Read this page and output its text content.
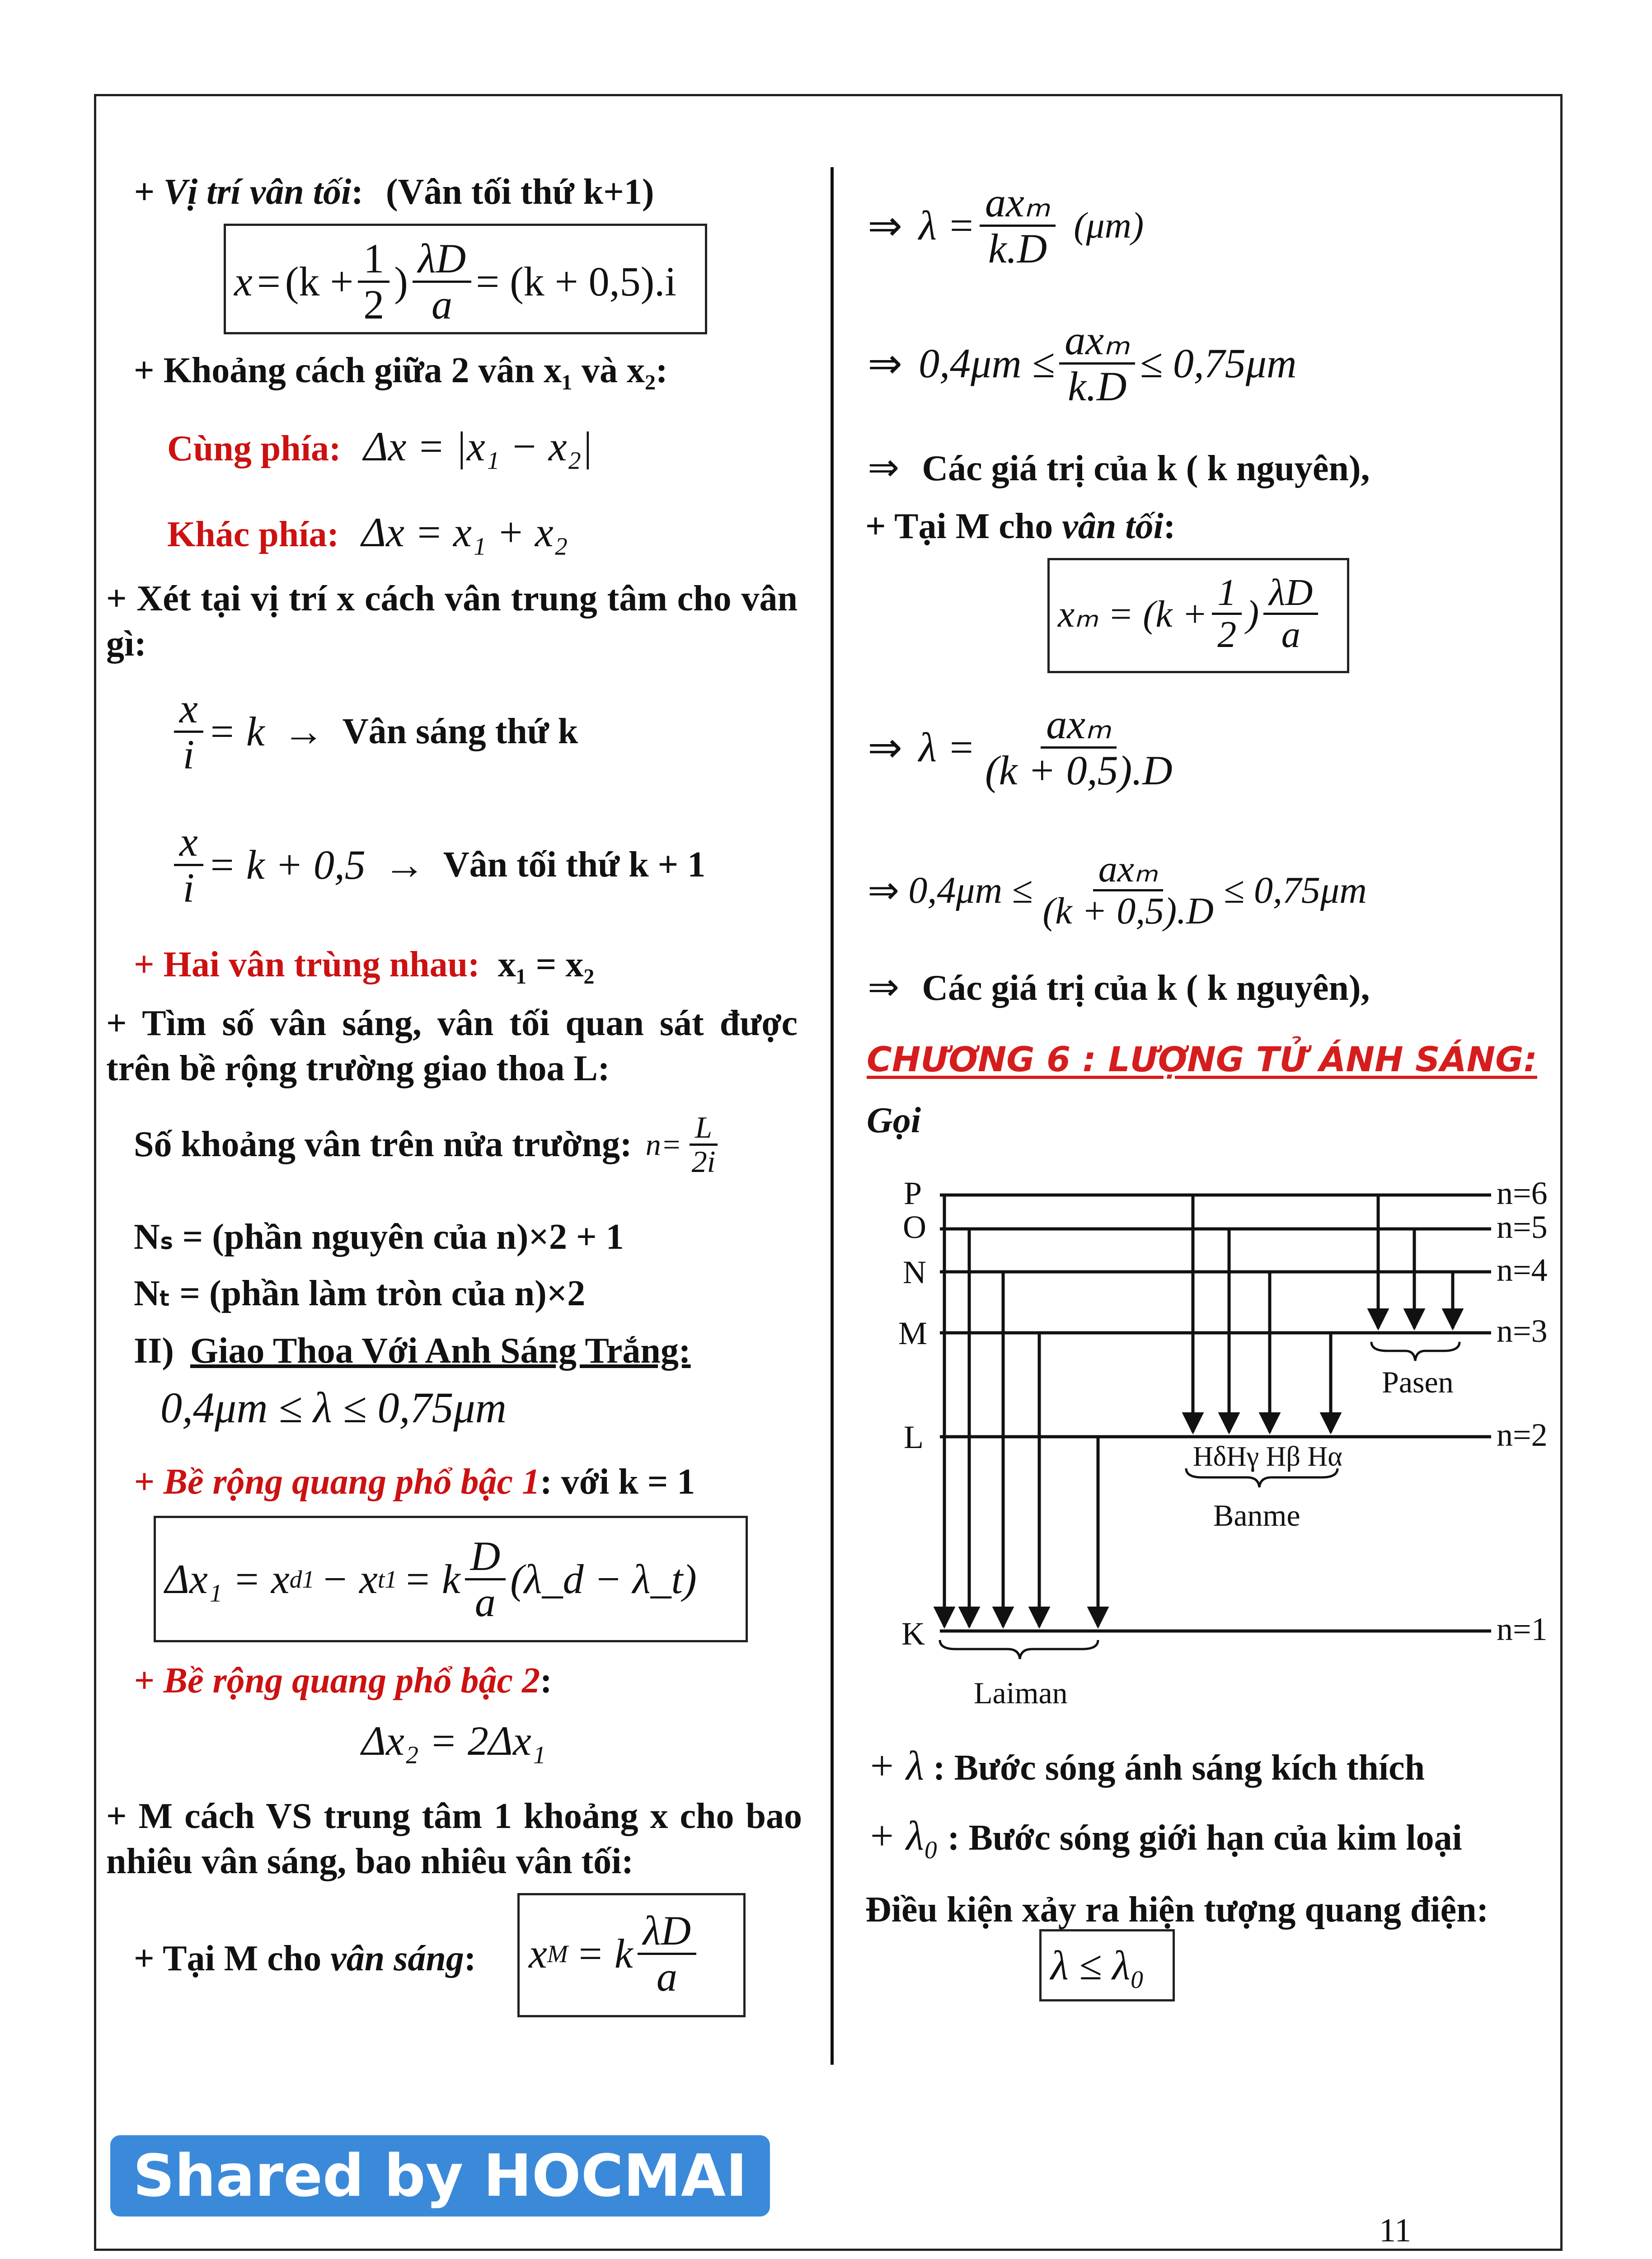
+ Vị trí vân tối: (Vân tối thứ k+1)
$x = (k + \frac{1}{2}$ ) $\frac{\lambda D}{a} = (k + 0,5).i$
+ Khoảng cách giữa 2 vân x₁ và x₂:
Cùng phía: Δx = |x₁ − x₂|
Khác phía: Δx = x₁ + x₂
+ Xét tại vị trí x cách vân trung tâm cho vân gì:
$\frac{x}{i} = k$ → Vân sáng thứ k
$\frac{x}{i} = k + 0,5$ → Vân tối thứ k + 1
+ Hai vân trùng nhau: x₁ = x₂
+ Tìm số vân sáng, vân tối quan sát được trên bề rộng trường giao thoa L:
Số khoảng vân trên nửa trường: $n= \frac{L}{2i}$
Nₛ = (phần nguyên của n)×2 + 1
Nₜ = (phần làm tròn của n)×2
II) Giao Thoa Với Anh Sáng Trắng:
0,4μm ≤ λ ≤ 0,75μm
+ Bề rộng quang phổ bậc 1: với k = 1
Δx₁ = x d1 − x t1 = k $\frac{D}{a}$ (λ_d − λ_t)
+ Bề rộng quang phổ bậc 2:
Δx₂ = 2Δx₁
+ M cách VS trung tâm 1 khoảng x cho bao nhiêu vân sáng, bao nhiêu vân tối:
+ Tại M cho vân sáng: x M = k $\frac{\lambda D}{a}$
⇒ $\lambda = \frac{\text{axₘ}}{k.D} (\mu m)$
⇒ $0,4\mu m \le \frac{\text{axₘ}}{k.D} \le 0,75\mu m$
⇒ Các giá trị của k ( k nguyên),
+ Tại M cho vân tối:
$x_m = (k + \frac{1}{2}$ ) $\frac{\lambda D}{a}$
⇒ $\lambda = \frac{\text{axₘ}}{(k + 0,5).D}$
⇒ $0,4\mu m \le \frac{\text{axₘ}}{(k + 0,5).D} \le 0,75\mu m$
⇒ Các giá trị của k ( k nguyên),
CHƯƠNG 6 : LƯỢNG TỬ ÁNH SÁNG:
Gọi
P
O
N
M
L
K
n=6
n=5
n=4
n=3
n=2
n=1
Pasen
HδHγ Hβ Hα
Banme
Laiman
+ λ : Bước sóng ánh sáng kích thích
+ λ₀ : Bước sóng giới hạn của kim loại
Điều kiện xảy ra hiện tượng quang điện:
λ ≤ λ₀
Shared by HOCMAI
11
